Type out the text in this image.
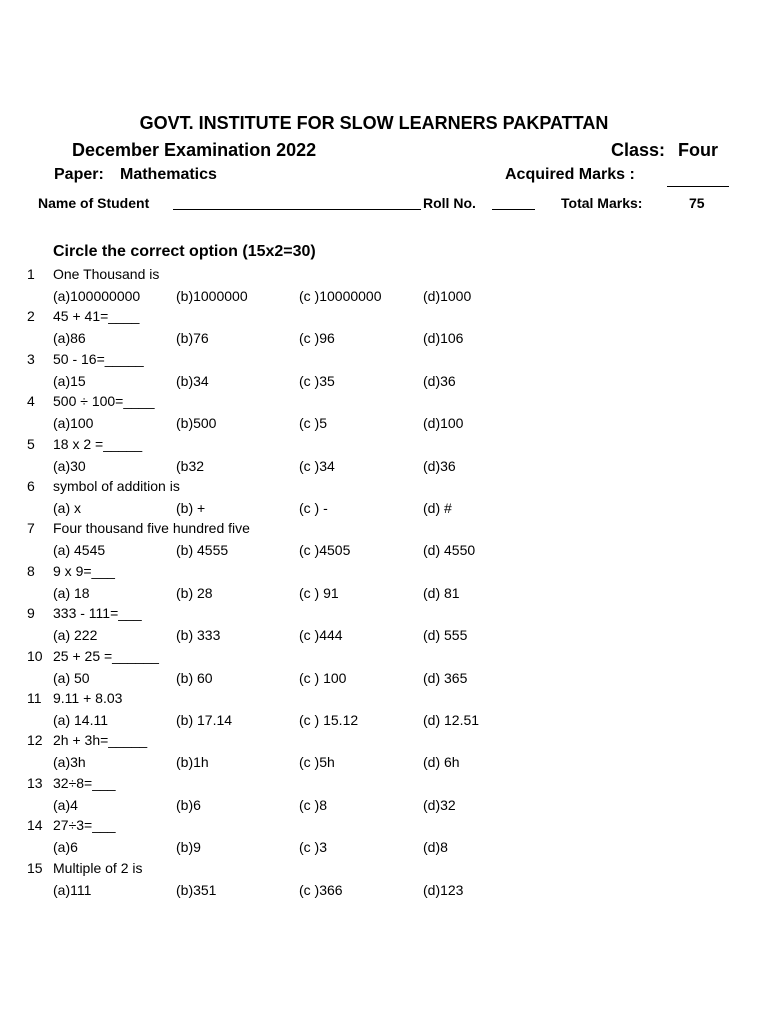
GOVT. INSTITUTE FOR SLOW LEARNERS PAKPATTAN
December Examination 2022	Class: Four
Paper: Mathematics	Acquired Marks :
Name of Student	Roll No.	Total Marks:	75
Circle the correct option (15x2=30)
1 One Thousand is
(a)100000000	(b)1000000	(c )10000000	(d)1000
2 45 + 41=____
(a)86	(b)76	(c )96	(d)106
3 50 - 16=_____
(a)15	(b)34	(c )35	(d)36
4 500 ÷ 100=____
(a)100	(b)500	(c )5	(d)100
5 18 x 2 =_____
(a)30	(b32	(c )34	(d)36
6 symbol of addition is
(a) x	(b) +	(c ) -	(d) #
7 Four thousand five hundred five
(a) 4545	(b) 4555	(c )4505	(d) 4550
8 9 x 9=___
(a) 18	(b) 28	(c ) 91	(d) 81
9 333 - 111=___
(a) 222	(b) 333	(c )444	(d) 555
10 25 + 25 =______
(a) 50	(b) 60	(c ) 100	(d) 365
11 9.11 + 8.03
(a) 14.11	(b) 17.14	(c ) 15.12	(d) 12.51
12 2h + 3h=_____
(a)3h	(b)1h	(c )5h	(d) 6h
13 32÷8=___
(a)4	(b)6	(c )8	(d)32
14 27÷3=___
(a)6	(b)9	(c )3	(d)8
15 Multiple of 2 is
(a)111	(b)351	(c )366	(d)123
